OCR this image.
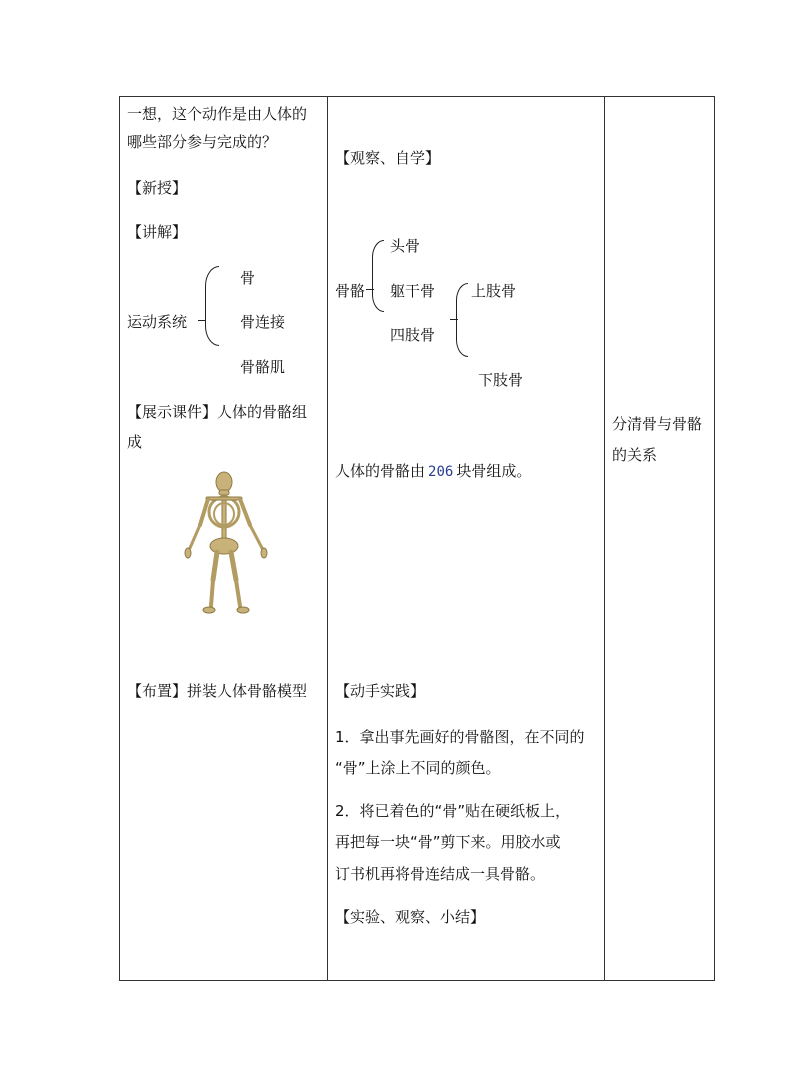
一想，这个动作是由人体的
哪些部分参与完成的？
【新授】
【讲解】
运动系统
骨
骨连接
骨骼肌
【展示课件】人体的骨骼组
成
【布置】拼装人体骨骼模型
【观察、自学】
骨骼
头骨
躯干骨
四肢骨
上肢骨
下肢骨
人体的骨骼由 206 块骨组成。
【动手实践】
1．拿出事先画好的骨骼图，在不同的
“骨”上涂上不同的颜色。
2．将已着色的“骨”贴在硬纸板上，
再把每一块“骨”剪下来。用胶水或
订书机再将骨连结成一具骨骼。
【实验、观察、小结】
分清骨与骨骼
的关系
